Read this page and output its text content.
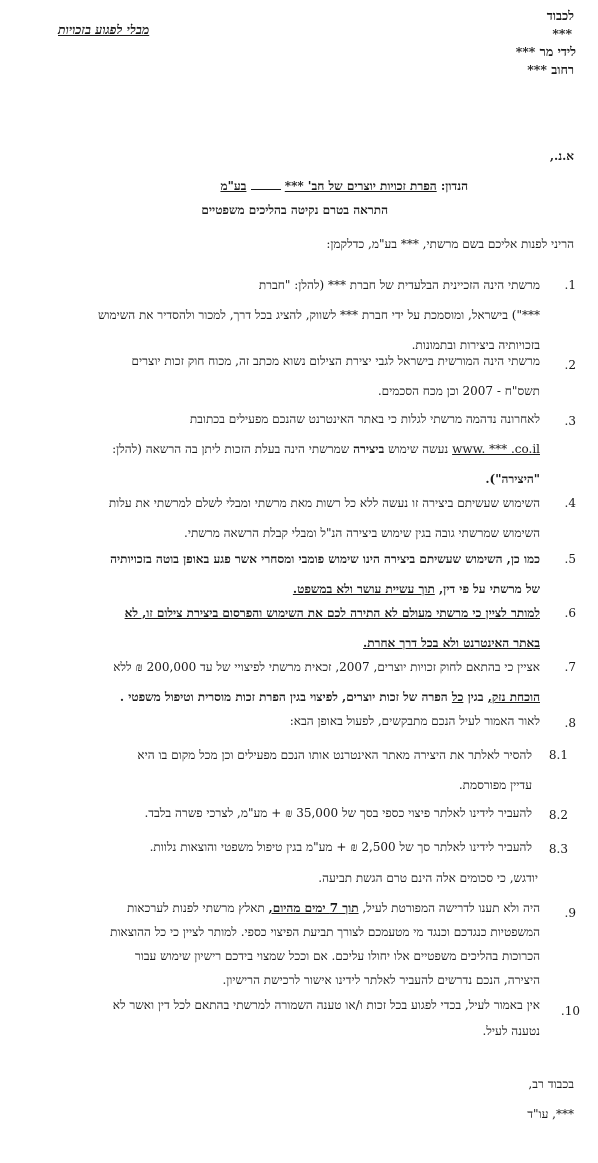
לכבוד
***
לידי מר ***
רחוב ***
מבלי לפגוע בזכויות
א.נ.,
הנדון: הפרת זכויות יוצרים של חב' ***  בע"מ
התראה בטרם נקיטה בהליכים משפטיים
הריני לפנות אליכם בשם מרשתי, *** בע"מ, כדלקמן:
1.
מרשתי הינה הזכיינית הבלעדית של חברת *** (להלן: "חברת
***") בישראל, ומוסמכת על ידי חברת *** לשווק, להציג בכל דרך, למכור ולהסדיר את השימוש
בזכויותיה ביצירות ובתמונות.
2.
מרשתי הינה המורשית בישראל לגבי יצירת הצילום נשוא מכתב זה, מכוח חוק זכות יוצרים
תשס"ח - 2007 וכן מכח הסכמים.
3.
לאחרונה נדהמה מרשתי לגלות כי באתר האינטרנט שהנכם מפעילים בכתובת
www. *** .co.il נעשה שימוש ביצירה שמרשתי הינה בעלת הזכות ליתן בה הרשאה (להלן:
"היצירה").
4.
השימוש שעשיתם ביצירה זו נעשה ללא כל רשות מאת מרשתי ומבלי לשלם למרשתי את עלות
השימוש שמרשתי גובה בגין שימוש ביצירה הנ"ל ומבלי קבלת הרשאה מרשתי.
5.
כמו כן, השימוש שעשיתם ביצירה הינו שימוש פומבי ומסחרי אשר פגע באופן בוטה בזכויותיה
של מרשתי על פי דין, תוך עשיית עושר ולא במשפט.
6.
למותר לציין כי מרשתי מעולם לא התירה לכם את השימוש והפרסום ביצירת צילום זו, לא
באתר האינטרנט ולא בכל דרך אחרת.
7.
אציין כי בהתאם לחוק זכויות יוצרים, 2007, זכאית מרשתי לפיצויי של עד 200,000 ₪ ללא
הוכחת נזק, בגין כל הפרה של זכות יוצרים, לפיצוי בגין הפרת זכות מוסרית וטיפול משפטי .
8.
לאור האמור לעיל הנכם מתבקשים, לפעול באופן הבא:
8.1
להסיר לאלתר את היצירה מאתר האינטרנט אותו הנכם מפעילים וכן מכל מקום בו היא
עדיין מפורסמת.
8.2
להעביר לידינו לאלתר פיצוי כספי בסך של 35,000 ₪ + מע"מ, לצרכי פשרה בלבד.
8.3
להעביר לידינו לאלתר סך של 2,500 ₪ + מע"מ בגין טיפול משפטי והוצאות נלוות.
יודגש, כי סכומים אלה הינם טרם הגשת תביעה.
9.
היה ולא תענו לדרישה המפורטת לעיל, תוך 7 ימים מהיום, תאלץ מרשתי לפנות לערכאות
המשפטיות כנגדכם וכנגד מי מטעמכם לצורך תביעת הפיצוי כספי. למותר לציין כי כל ההוצאות
הכרוכות בהליכים משפטיים אלו יחולו עליכם. אם וככל שמצוי בידכם רישיון שימוש עבור
היצירה, הנכם נדרשים להעביר לאלתר לידינו אישור לרכישת הרישיון.
10.
אין באמור לעיל, בכדי לפגוע בכל זכות ו/או טענה השמורה למרשתי בהתאם לכל דין ואשר לא
נטענה לעיל.
בכבוד רב,
***, עו"ד
